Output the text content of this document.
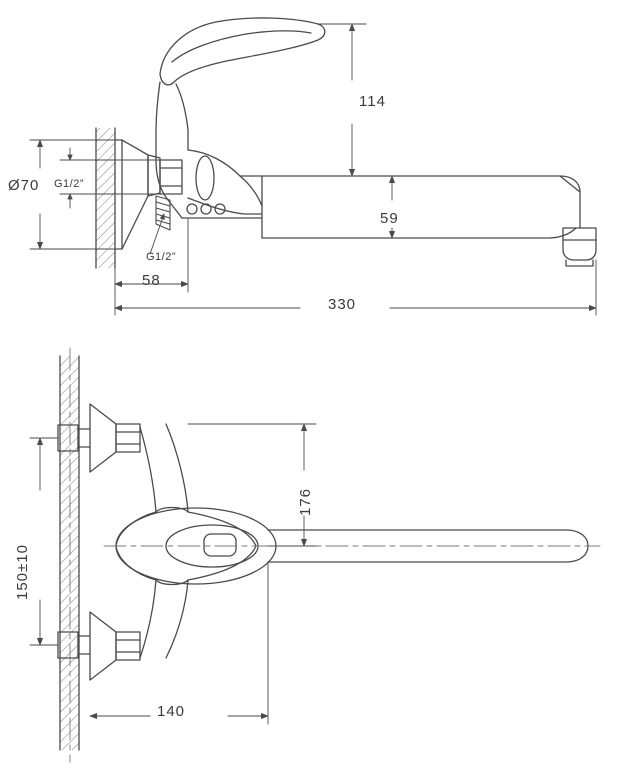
114
59
Ø70 G1/2”
G1/2”
58
330
150±10
176
140
